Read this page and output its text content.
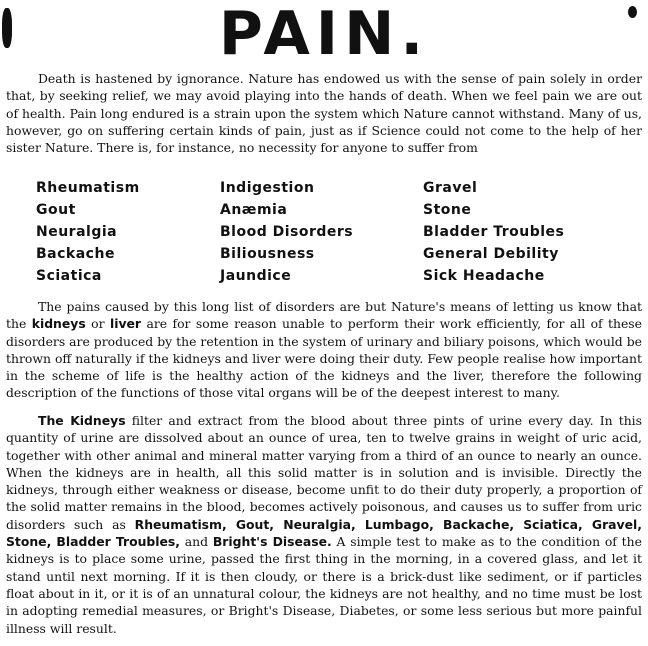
PAIN.

Death is hastened by ignorance. Nature has endowed us with the sense of pain solely in order that, by seeking relief, we may avoid playing into the hands of death. When we feel pain we are out of health. Pain long endured is a strain upon the system which Nature cannot withstand. Many of us, however, go on suffering certain kinds of pain, just as if Science could not come to the help of her sister Nature. There is, for instance, no necessity for anyone to suffer from

Rheumatism	Indigestion	Gravel
Gout	Anæmia	Stone
Neuralgia	Blood Disorders	Bladder Troubles
Backache	Biliousness	General Debility
Sciatica	Jaundice	Sick Headache

The pains caused by this long list of disorders are but Nature's means of letting us know that the kidneys or liver are for some reason unable to perform their work efficiently, for all of these disorders are produced by the retention in the system of urinary and biliary poisons, which would be thrown off naturally if the kidneys and liver were doing their duty. Few people realise how important in the scheme of life is the healthy action of the kidneys and the liver, therefore the following description of the functions of those vital organs will be of the deepest interest to many.

The Kidneys filter and extract from the blood about three pints of urine every day. In this quantity of urine are dissolved about an ounce of urea, ten to twelve grains in weight of uric acid, together with other animal and mineral matter varying from a third of an ounce to nearly an ounce. When the kidneys are in health, all this solid matter is in solution and is invisible. Directly the kidneys, through either weakness or disease, become unfit to do their duty properly, a proportion of the solid matter remains in the blood, becomes actively poisonous, and causes us to suffer from uric disorders such as Rheumatism, Gout, Neuralgia, Lumbago, Backache, Sciatica, Gravel, Stone, Bladder Troubles, and Bright's Disease. A simple test to make as to the condition of the kidneys is to place some urine, passed the first thing in the morning, in a covered glass, and let it stand until next morning. If it is then cloudy, or there is a brick-dust like sediment, or if particles float about in it, or it is of an unnatural colour, the kidneys are not healthy, and no time must be lost in adopting remedial measures, or Bright's Disease, Diabetes, or some less serious but more painful illness will result.
